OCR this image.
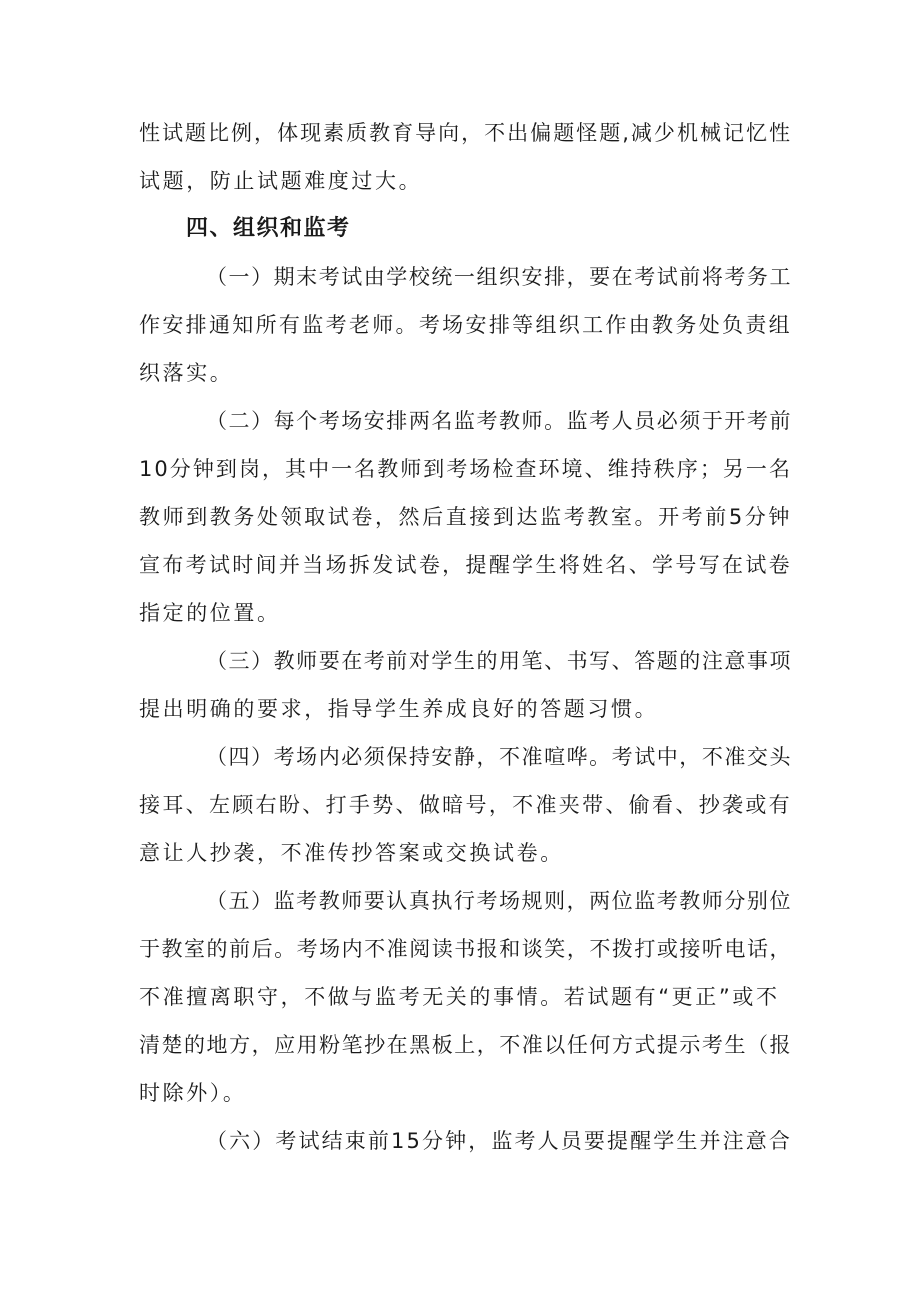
性试题比例，体现素质教育导向，不出偏题怪题,减少机械记忆性
试题，防止试题难度过大。
四、组织和监考
（一）期末考试由学校统一组织安排，要在考试前将考务工
作安排通知所有监考老师。考场安排等组织工作由教务处负责组
织落实。
（二）每个考场安排两名监考教师。监考人员必须于开考前
10分钟到岗，其中一名教师到考场检查环境、维持秩序；另一名
教师到教务处领取试卷，然后直接到达监考教室。开考前5分钟
宣布考试时间并当场拆发试卷，提醒学生将姓名、学号写在试卷
指定的位置。
（三）教师要在考前对学生的用笔、书写、答题的注意事项
提出明确的要求，指导学生养成良好的答题习惯。
（四）考场内必须保持安静，不准喧哗。考试中，不准交头
接耳、左顾右盼、打手势、做暗号，不准夹带、偷看、抄袭或有
意让人抄袭，不准传抄答案或交换试卷。
（五）监考教师要认真执行考场规则，两位监考教师分别位
于教室的前后。考场内不准阅读书报和谈笑，不拨打或接听电话，
不准擅离职守，不做与监考无关的事情。若试题有“更正”或不
清楚的地方，应用粉笔抄在黑板上，不准以任何方式提示考生（报
时除外）。
（六）考试结束前15分钟，监考人员要提醒学生并注意合
